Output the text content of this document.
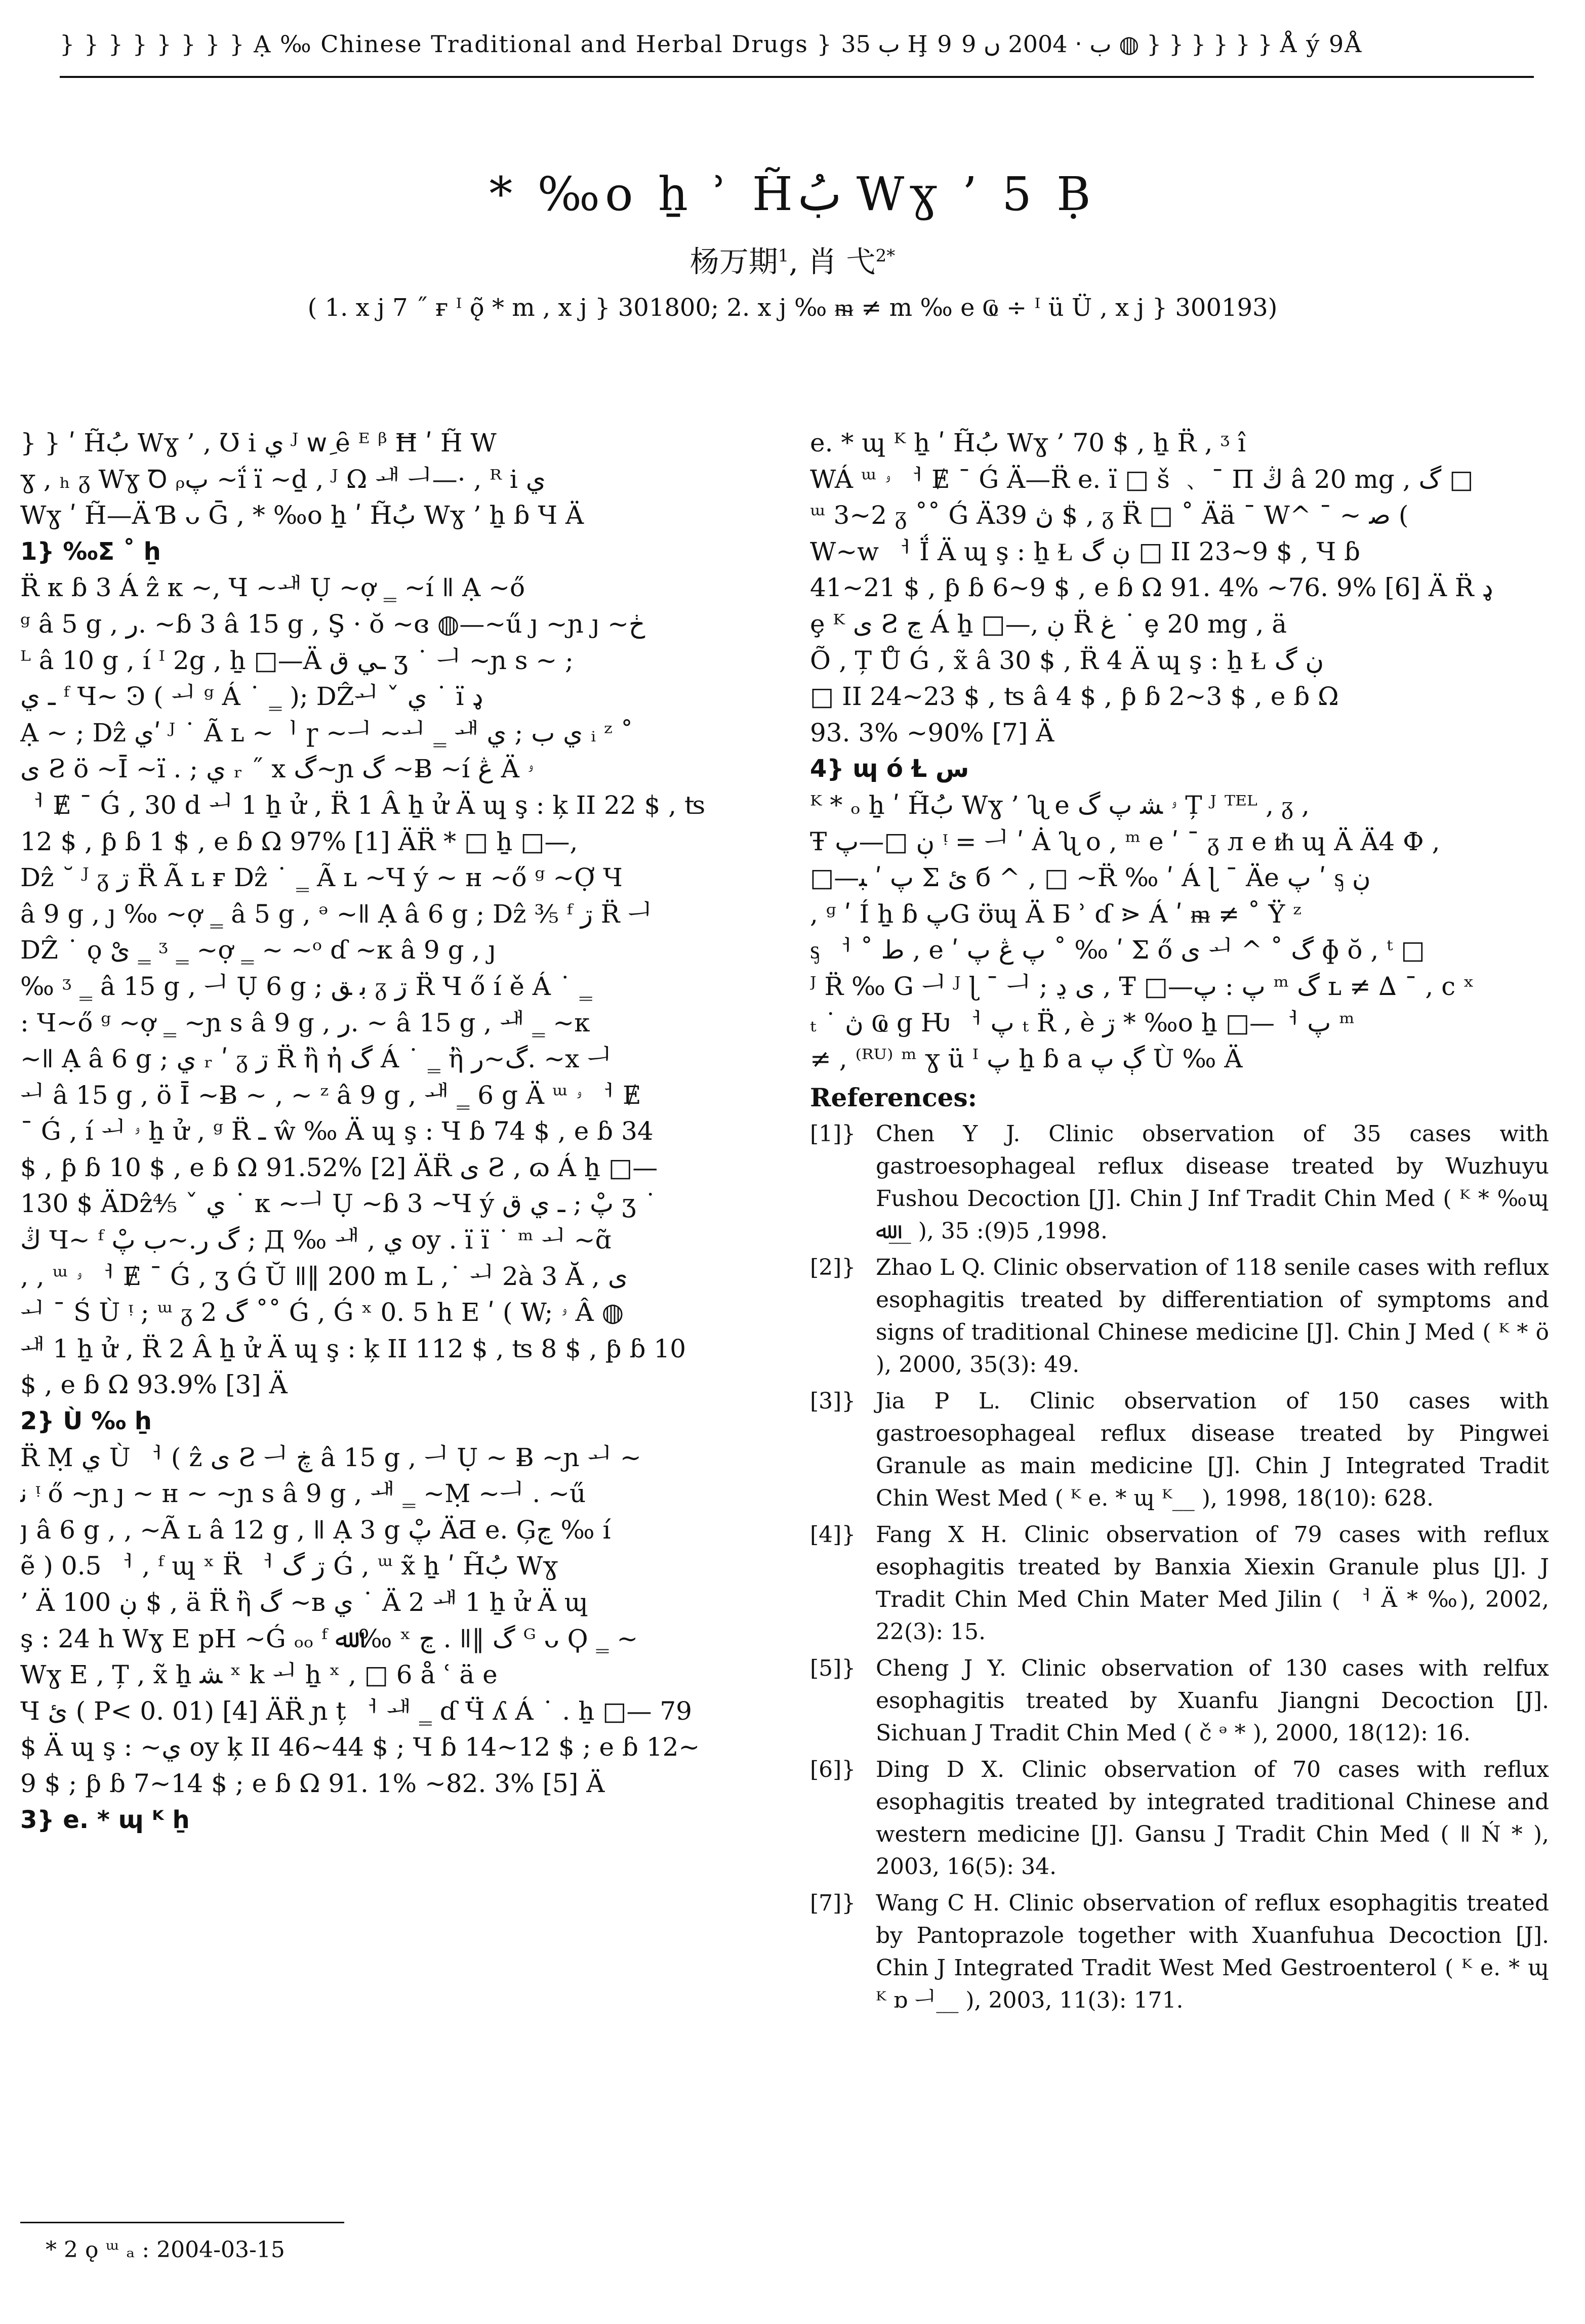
} } } } } } } } Ạ ‰ Chinese Traditional and Herbal Drugs } ب 35 Ḩ 9 ب ‧ 2004 ں 9 ◍ } } } } } } Å ý 9Å
* ‰o ẖ ʾ H̃بُ Wɣ ’ 5 Ḅ
杨万期$^1$, 肖 弋$^{2*}$
( 1. x j 7 ˝ ғ ᴵ ǫ̃ * m , x j } 301800; 2. x j ‰ ᵯ ≠ m ‰ e Ҩ ÷ ᴵ ü Ü , x j } 300193)
} } ʹ H̃بُ Wɣ ’ ‚ Ʊ i ي ᴶ wِ ȇ ᴱ ᵝ Ħ ʹ H̃ W
ɣ , ₕ ᵹ Wɣ Ꝺ ᵨپ ~ḯ ï ~ḏ , ᴶ Ω ᅫ ᅴ—· , ᴿ i ي
Wɣ ʹ H̃—Ä Ɓ ᴗ Ḡ , * ‰o ẖ ʹ H̃بُ Wɣ ’ ẖ ɓ Ч Ä
1} ‰Σ ˚ ẖ
R̈ ᴋ ɓ 3 Á ẑ ᴋ ~, Ч ~ᅫ Ụ ~ợ ‗ ~í ǁ Ạ ~ő
ᵍ â 5 g , ر. ~ɓ 3 â 15 g , Ş · ŏ ~ɞ ◍—~ű ȷ ~ɲ ȷ ~ڂ
ᴸ â 10 g , í ᴵ 2g , ẖ □—Ä ـي ق ʒ ˙ ᅴ ~ɲ s ~ ;
ـ ي ᶠ Ч~ Ͽ ( ᅬ ᵍ Á ˙ ‗ ); DẐᅬ ˇ ي ˙ ï ډ
Ạ ~ ; Dẑ يʹ ᴶ ˙ Ã ʟ ~ᅵ ɼ ~ᅴ ~ᅬ ‗ ᅫ ي ب ; ي ᵢ ᶻ ˚
ی Ƨ ö ~Ī ~ï . ; ي ᵣ ˝ x گ~ɲ گ ~Ƀ ~í ڠ Ä ۥ
ᅥ Ɇ ˉ Ǵ , 30 d ᅬ 1 ẖ ử , R̈ 1 Â ẖ ử Ä ɰ ş : ķ II 22 $ , ʦ
12 $ , ƥ ɓ 1 $ , e ɓ Ω 97% [1] ÄR̈ * □ ẖ □—,
Dẑ ˘ ᴶ ᵹ ڗ R̈ Ã ʟ ғ Dẑ ˙ ‗ Ã ʟ ~Ч ý ~ ʜ ~ő ᵍ ~Ợ Ч
â 9 g , ȷ ‰ ~ợ ‗ â 5 g , ᵊ ~ǁ Ạ â 6 g ; Dẑ ⅗ ᶠ ڗ R̈ ᅴ
DẐ ˙ ǫ ىْ ‗ ᶾ ‗ ~ợ ‗ ~ ~ᵒ ɗ ~ᴋ â 9 g , ȷ
‰ ᶾ ‗ â 15 g , ᅴ Ụ 6 g ; ﺑ ﻖ ᵹ ڗ R̈ Ч ő í ě Á ˙ ‗
: Ч~ő ᵍ ~ợ ‗ ~ɲ s â 9 g , ر. ~ â 15 g , ᅫ ‗ ~ᴋ
~ǁ Ạ â 6 g ; ي ᵣ ʹ ᵹ ڗ R̈ ἢ ἠ گ Á ˙ ‗ ἢ گ~ر. ~x ᅴ
ᅬ â 15 g , ö Ī ~Ƀ ~ ‚ ~ ᶻ â 9 g , ᅫ ‗ 6 g Ä ᵚ ۥ ᅥ Ɇ
ˉ Ǵ , í ᅬ ۥ ẖ ử , ᵍ R̈ ـ ŵ ‰ Ä ɰ ş : Ч ɓ 74 $ , e ɓ 34
$ , ƥ ɓ 10 $ , e ɓ Ω 91.52% [2] ÄR̈ ی Ƨ ‚ ɷ Á ẖ □—
130 $ ÄDẑ⅘ ˇ ي ˙ ᴋ ~ᅴ Ụ ~ɓ 3 ~Ч ý پْ ; ـ ي ق ʒ ˙
ڭ Ч~ ᶠ گ ر.~ب پْ ; Д ‰ ᅫ , ي oy . ï ï ˙ ᵐ ᅬ ~ɑ̃
‚ , ᵚ ۥ ᅥ Ɇ ˉ Ǵ , ʒ Ǵ Ŭ ǁ⁠‖ 200 m L ,˙ ᅬ 2à 3 Ă , ى
ᅬ ˉ Ś Ù ᵎ ; ᵚ ᵹ گ 2 ˚˚ Ǵ , Ǵ ˣ 0. 5 h E ʹ ( W; ۥ Â ◍
ᅫ 1 ẖ ử , R̈ 2 Â ẖ ử Ä ɰ ş : ķ II 112 $ , ʦ 8 $ , ƥ ɓ 10
$ , e ɓ Ω 93.9% [3] Ä
2} Ù ‰ ẖ
R̈ Ṃ ي Ù ᅥ ( ẑ ی Ƨ ᅴ ڿ â 15 g , ᅴ Ụ ~ Ƀ ~ɲ ᅬ ~
ﻧ ᵎ ő ~ɲ ȷ ~ ʜ ~ ~ɲ s â 9 g , ᅫ ‗ ~Ṃ ~ᅴ . ~ű
ȷ â 6 g , ‚ ~Ã ʟ â 12 g , ǁ Ạ 3 g پْ ÄƋ e. Ģڃ ‰ í
ẽ ) 0.5 ᅥ , ᶠ ɰ ˣ R̈ ᅥ ڗ گ Ǵ , ᵚ x̃ ẖ ʹ H̃بُ Wɣ
’ Ä ڹ 100 $ , ä R̈ ἢ گ ~ʙ ي ˙ Ä 2 ᅫ 1 ẖ ử Ä ɰ
ş : 24 h Wɣ E pH ~Ǵ ₒₒ ᶠ ﷲ ‰ ˣ ڃ . ǁ⁠‖ گ ᴳ ᴗ Ϙ ‗ ~
Wɣ E ‚ Ț , x̃ ẖ ﺸ ˣ k ᅬ ẖ ˣ ‚ □ 6 å ʿ ä e
Ч ئ ( P< 0. 01) [4] ÄR̈ ɲ ț ᅥ ᅫ ‗ ɗ Ӵ ʎ Á ˙ . ẖ □— 79
$ Ä ɰ ş : ~ي oy ķ II 46~44 $ ; Ч ɓ 14~12 $ ; e ɓ 12~
9 $ ; ƥ ɓ 7~14 $ ; e ɓ Ω 91. 1% ~82. 3% [5] Ä
3} e. * ɰ ᴷ ẖ
e. * ɰ ᴷ ẖ ʹ H̃بُ Wɣ ’ 70 $ , ẖ R̈ ‚ ᶾ î
WÁ ᵚ ۥ ᅥ Ɇ ˉ Ǵ Ä—R̈ e. ï □ š ﹑ ˉ Π ڭ â 20 mg , گ □
ᵚ 3~2 ᵹ ˚˚ Ǵ Äڽ 39 $ , ᵹ R̈ □ ˚ Ää ˉ W^ ˉ ~ ﺻ (
W~w ᅥ Ḯ Ä ɰ ş : ẖ Ɫ ڹ گ □ II 23~9 $ , Ч ɓ
41~21 $ , ƥ ɓ 6~9 $ , e ɓ Ω 91. 4% ~76. 9% [6] Ä R̈ ډ
ȩ ᴷ ی Ƨ ڃ Á ẖ □—, ڹ R̈ غ ˙ ȩ 20 mg , ä
Õ ‚ Ț Ů Ǵ , x̃ â 30 $ , R̈ 4 Ä ɰ ş : ẖ Ɫ ڹ گ
□ II 24~23 $ , ʦ â 4 $ , ƥ ɓ 2~3 $ , e ɓ Ω
93. 3% ~90% [7] Ä
4} ɰ ó Ɫ س
ᴷ * ₒ ẖ ʹ H̃بُ Wɣ ’ ʯ e ۥ ﺸ پ گ Ț ᴶ ᵀᴱᴸ ‚ ᵹ ,
Ŧ ڹ □—پ ᵎ = ᅴ ʹ Ȧ ʯ o , ᵐ e ʹ ˉ ᵹ л e ᵺ ɰ Ä Ä4 Ф ,
□—پ ʹ ﺒ Σ ئ б ^ , □ ~R̈ ‰ ʹ Á ɭ ˉ Äe پ ʹ ᶊ ڹ
, ᶢ ʹ Í ẖ ɓ پG ʊ̈ɰ Ä Ƃ ʾ ɗ ⋗ Á ʹ ᵯ ≠ ˚ Ÿ ᶻ
ᶊ ᅥ ˚ ط , e ʹ پ ڠ پ ˚ ‰ ʹ Σ ő ی ᅬ ^ ˚ گ ɸ ŏ , ᵗ □
ᴶ R̈ ‰ G ᅴ ᴶ ɭ ˉ ᅴ ; ى ڍ , Ŧ □—پ : پ ᵐ گ ʟ ≠ ∆ ˉ , c ˣ
ₜ ˙ ڽ Ҩ g Ƕ ᅥ پ ₜ R̈ , è ڗ * ‰o ẖ □—ᅥ پ ᵐ
≠ , ⁽ᴿᵁ⁾ ᵐ ɣ ü ᴵ پ ẖ ɓ a ڳ پ Ù ‰ Ä
References:
[1]} Chen Y J. Clinic observation of 35 cases with gastroesophageal reflux disease treated by Wuzhuyu Fushou Decoction [J]. Chin J Inf Tradit Chin Med ( ᴷ * ‰ɰ ﷲ__ ), 1998, 5(9): 35.
[2]} Zhao L Q. Clinic observation of 118 senile cases with reflux esophagitis treated by differentiation of symptoms and signs of traditional Chinese medicine [J]. Chin J Med ( ᴷ * ö ), 2000, 35(3): 49.
[3]} Jia P L. Clinic observation of 150 cases with gastroesophageal reflux disease treated by Pingwei Granule as main medicine [J]. Chin J Integrated Tradit Chin West Med ( ᴷ e. * ɰ ᴷ__ ), 1998, 18(10): 628.
[4]} Fang X H. Clinic observation of 79 cases with reflux esophagitis treated by Banxia Xiexin Granule plus [J]. J Tradit Chin Med Chin Mater Med Jilin ( ᅥ Ä * ‰), 2002, 22(3): 15.
[5]} Cheng J Y. Clinic observation of 130 cases with relfux esophagitis treated by Xuanfu Jiangni Decoction [J]. Sichuan J Tradit Chin Med ( č ᵊ * ), 2000, 18(12): 16.
[6]} Ding D X. Clinic observation of 70 cases with reflux esophagitis treated by integrated traditional Chinese and western medicine [J]. Gansu J Tradit Chin Med ( ǁ Ń * ), 2003, 16(5): 34.
[7]} Wang C H. Clinic observation of reflux esophagitis treated by Pantoprazole together with Xuanfuhua Decoction [J]. Chin J Integrated Tradit West Med Gestroenterol ( ᴷ e. * ɰ ᴷ ɒ ᅴ__ ), 2003, 11(3): 171.
* 2 ǫ ᵚ ₐ : 2004-03-15
